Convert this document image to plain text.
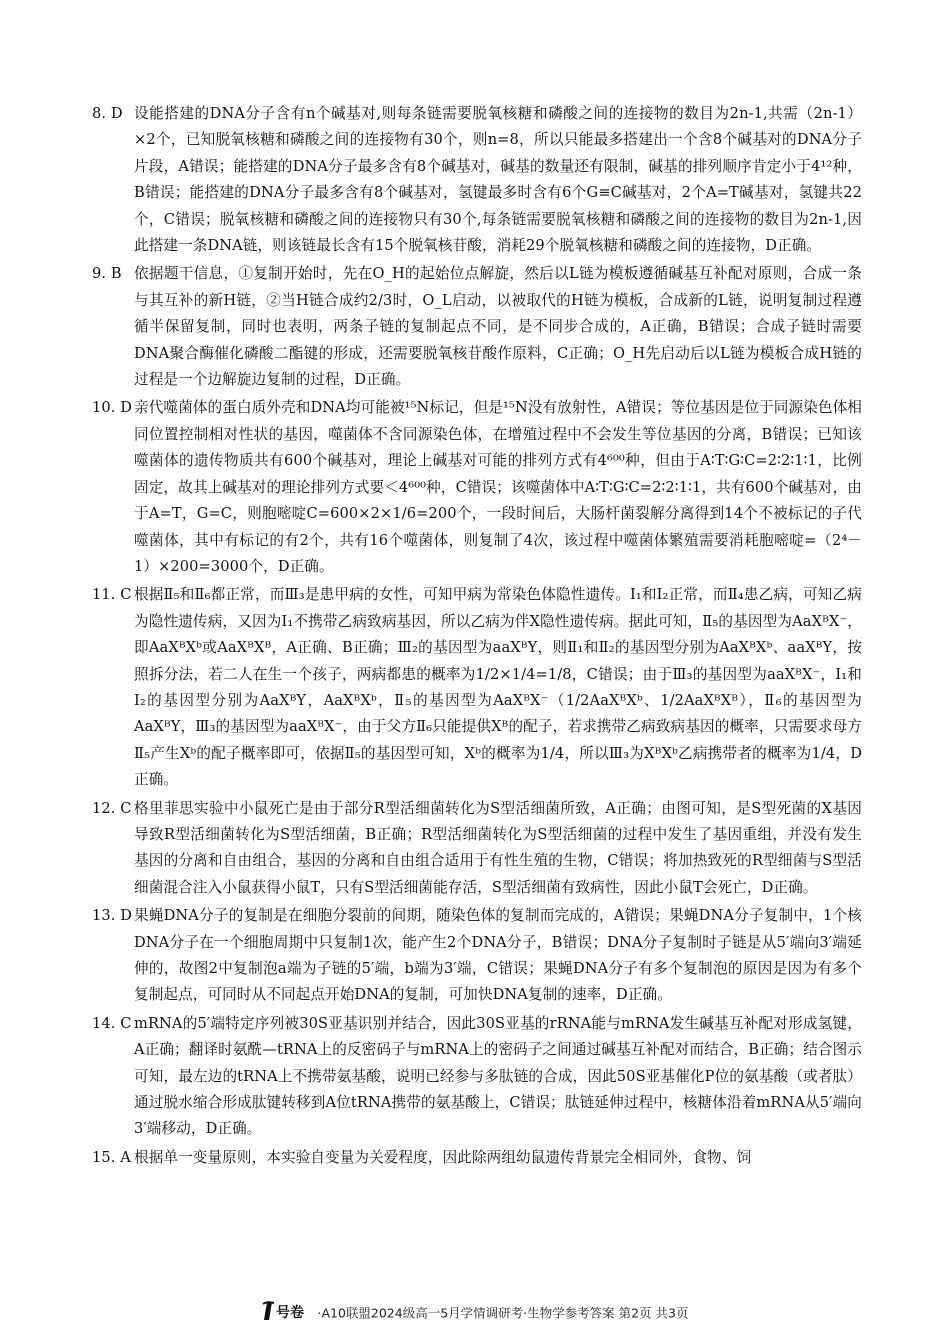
8. D 设能搭建的DNA分子含有n个碱基对,则每条链需要脱氧核糖和磷酸之间的连接物的数目为2n-1,共需（2n-1）×2个，已知脱氧核糖和磷酸之间的连接物有30个，则n=8，所以只能最多搭建出一个含8个碱基对的DNA分子片段，A错误；能搭建的DNA分子最多含有8个碱基对，碱基的数量还有限制，碱基的排列顺序肯定小于4¹²种，B错误；能搭建的DNA分子最多含有8个碱基对，氢键最多时含有6个G≡C碱基对，2个A=T碱基对，氢键共22个，C错误；脱氧核糖和磷酸之间的连接物只有30个,每条链需要脱氧核糖和磷酸之间的连接物的数目为2n-1,因此搭建一条DNA链，则该链最长含有15个脱氧核苷酸，消耗29个脱氧核糖和磷酸之间的连接物，D正确。
9. B 依据题干信息，①复制开始时，先在O_H的起始位点解旋，然后以L链为模板遵循碱基互补配对原则，合成一条与其互补的新H链，②当H链合成约2/3时，O_L启动，以被取代的H链为模板，合成新的L链，说明复制过程遵循半保留复制，同时也表明，两条子链的复制起点不同，是不同步合成的，A正确，B错误；合成子链时需要DNA聚合酶催化磷酸二酯键的形成，还需要脱氧核苷酸作原料，C正确；O_H先启动后以L链为模板合成H链的过程是一个边解旋边复制的过程，D正确。
10. D 亲代噬菌体的蛋白质外壳和DNA均可能被¹⁵N标记，但是¹⁵N没有放射性，A错误；等位基因是位于同源染色体相同位置控制相对性状的基因，噬菌体不含同源染色体，在增殖过程中不会发生等位基因的分离，B错误；已知该噬菌体的遗传物质共有600个碱基对，理论上碱基对可能的排列方式有4⁶⁰⁰种，但由于A∶T∶G∶C=2∶2∶1∶1，比例固定，故其上碱基对的理论排列方式要＜4⁶⁰⁰种，C错误；该噬菌体中A∶T∶G∶C=2∶2∶1∶1，共有600个碱基对，由于A=T，G=C，则胞嘧啶C=600×2×1/6=200个，一段时间后，大肠杆菌裂解分离得到14个不被标记的子代噬菌体，其中有标记的有2个，共有16个噬菌体，则复制了4次，该过程中噬菌体繁殖需要消耗胞嘧啶=（2⁴－1）×200=3000个，D正确。
11. C 根据Ⅱ₅和Ⅱ₆都正常，而Ⅲ₃是患甲病的女性，可知甲病为常染色体隐性遗传。I₁和I₂正常，而Ⅱ₄患乙病，可知乙病为隐性遗传病，又因为I₁不携带乙病致病基因，所以乙病为伴X隐性遗传病。据此可知，Ⅱ₅的基因型为AaXᴮX⁻，即AaXᴮXᵇ或AaXᴮXᴮ，A正确、B正确；Ⅲ₂的基因型为aaXᴮY，则Ⅱ₁和Ⅱ₂的基因型分别为AaXᴮXᵇ、aaXᴮY，按照拆分法，若二人在生一个孩子，两病都患的概率为1/2×1/4=1/8，C错误；由于Ⅲ₃的基因型为aaXᴮX⁻，I₁和I₂的基因型分别为AaXᴮY，AaXᴮXᵇ，Ⅱ₅的基因型为AaXᴮX⁻（1/2AaXᴮXᵇ、1/2AaXᴮXᴮ），Ⅱ₆的基因型为AaXᴮY，Ⅲ₃的基因型为aaXᴮX⁻，由于父方Ⅱ₆只能提供Xᴮ的配子，若求携带乙病致病基因的概率，只需要求母方Ⅱ₅产生Xᵇ的配子概率即可，依据Ⅱ₅的基因型可知，Xᵇ的概率为1/4，所以Ⅲ₃为XᴮXᵇ乙病携带者的概率为1/4，D正确。
12. C 格里菲思实验中小鼠死亡是由于部分R型活细菌转化为S型活细菌所致，A正确；由图可知，是S型死菌的X基因导致R型活细菌转化为S型活细菌，B正确；R型活细菌转化为S型活细菌的过程中发生了基因重组，并没有发生基因的分离和自由组合，基因的分离和自由组合适用于有性生殖的生物，C错误；将加热致死的R型细菌与S型活细菌混合注入小鼠获得小鼠T，只有S型活细菌能存活，S型活细菌有致病性，因此小鼠T会死亡，D正确。
13. D 果蝇DNA分子的复制是在细胞分裂前的间期，随染色体的复制而完成的，A错误；果蝇DNA分子复制中，1个核DNA分子在一个细胞周期中只复制1次，能产生2个DNA分子，B错误；DNA分子复制时子链是从5′端向3′端延伸的，故图2中复制泡a端为子链的5′端，b端为3′端，C错误；果蝇DNA分子有多个复制泡的原因是因为有多个复制起点，可同时从不同起点开始DNA的复制，可加快DNA复制的速率，D正确。
14. C mRNA的5′端特定序列被30S亚基识别并结合，因此30S亚基的rRNA能与mRNA发生碱基互补配对形成氢键，A正确；翻译时氨酰—tRNA上的反密码子与mRNA上的密码子之间通过碱基互补配对而结合，B正确；结合图示可知，最左边的tRNA上不携带氨基酸，说明已经参与多肽链的合成，因此50S亚基催化P位的氨基酸（或者肽）通过脱水缩合形成肽键转移到A位tRNA携带的氨基酸上，C错误；肽链延伸过程中，核糖体沿着mRNA从5′端向3′端移动，D正确。
15. A 根据单一变量原则，本实验自变量为关爱程度，因此除两组幼鼠遗传背景完全相同外，食物、饲
号卷 ·A10联盟2024级高一5月学情调研考·生物学参考答案 第2页 共3页
